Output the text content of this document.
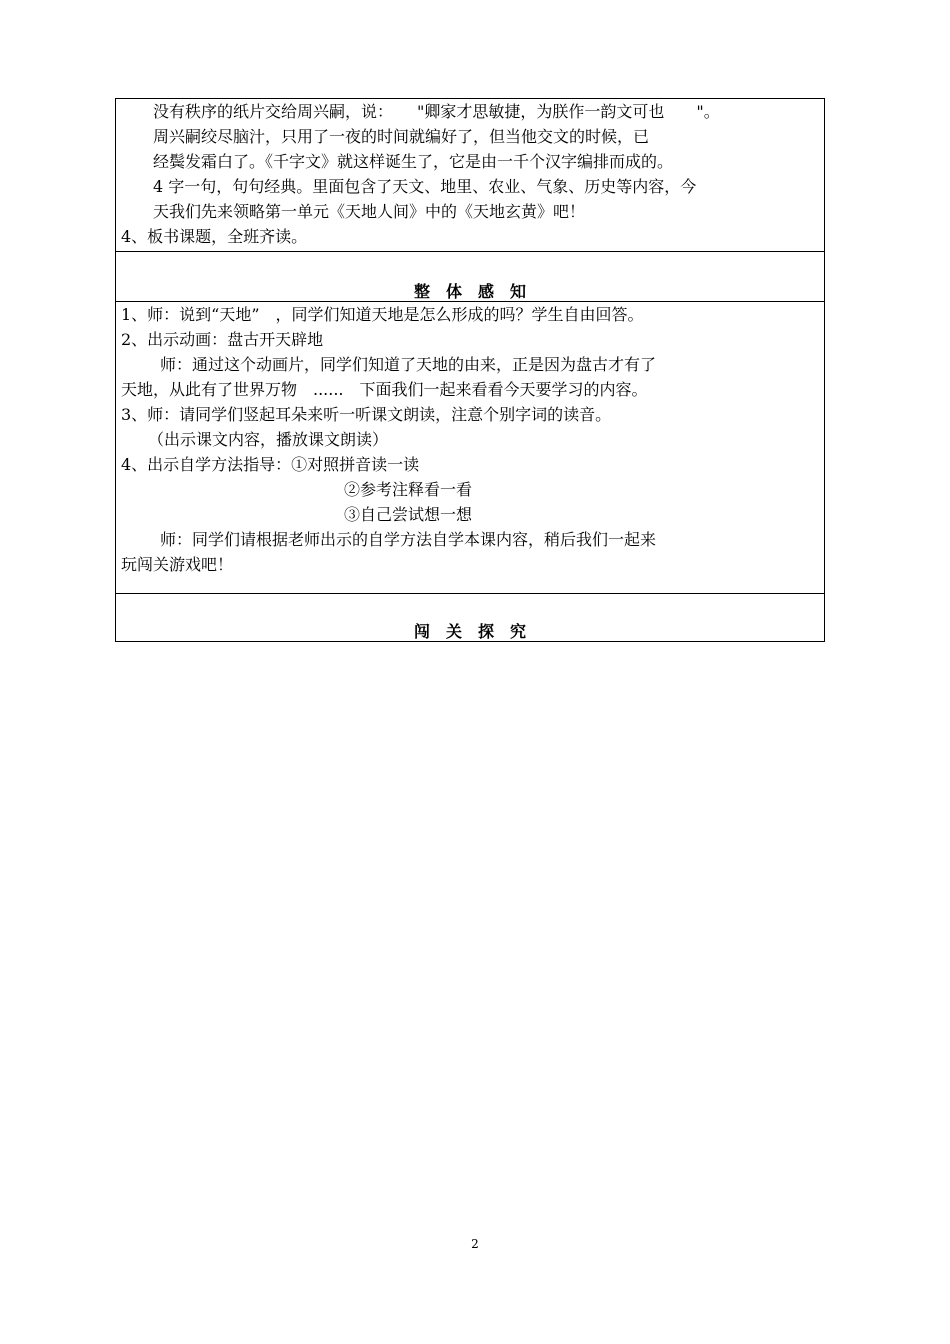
没有秩序的纸片交给周兴嗣，说：　　"卿家才思敏捷，为朕作一韵文可也　　"。
周兴嗣绞尽脑汁，只用了一夜的时间就编好了，但当他交文的时候，已
经鬓发霜白了。《千字文》就这样诞生了，它是由一千个汉字编排而成的。
4 字一句，句句经典。里面包含了天文、地里、农业、气象、历史等内容，今
天我们先来领略第一单元《天地人间》中的《天地玄黄》吧！
4、板书课题，全班齐读。
整　体　感　知
1、师：说到“天地”　，同学们知道天地是怎么形成的吗？学生自由回答。
2、出示动画：盘古开天辟地
师：通过这个动画片，同学们知道了天地的由来，正是因为盘古才有了
天地，从此有了世界万物　......　下面我们一起来看看今天要学习的内容。
3、师：请同学们竖起耳朵来听一听课文朗读，注意个别字词的读音。
（出示课文内容，播放课文朗读）
4、出示自学方法指导：①对照拼音读一读
②参考注释看一看
③自己尝试想一想
师：同学们请根据老师出示的自学方法自学本课内容，稍后我们一起来
玩闯关游戏吧！
闯　关　探　究
2
